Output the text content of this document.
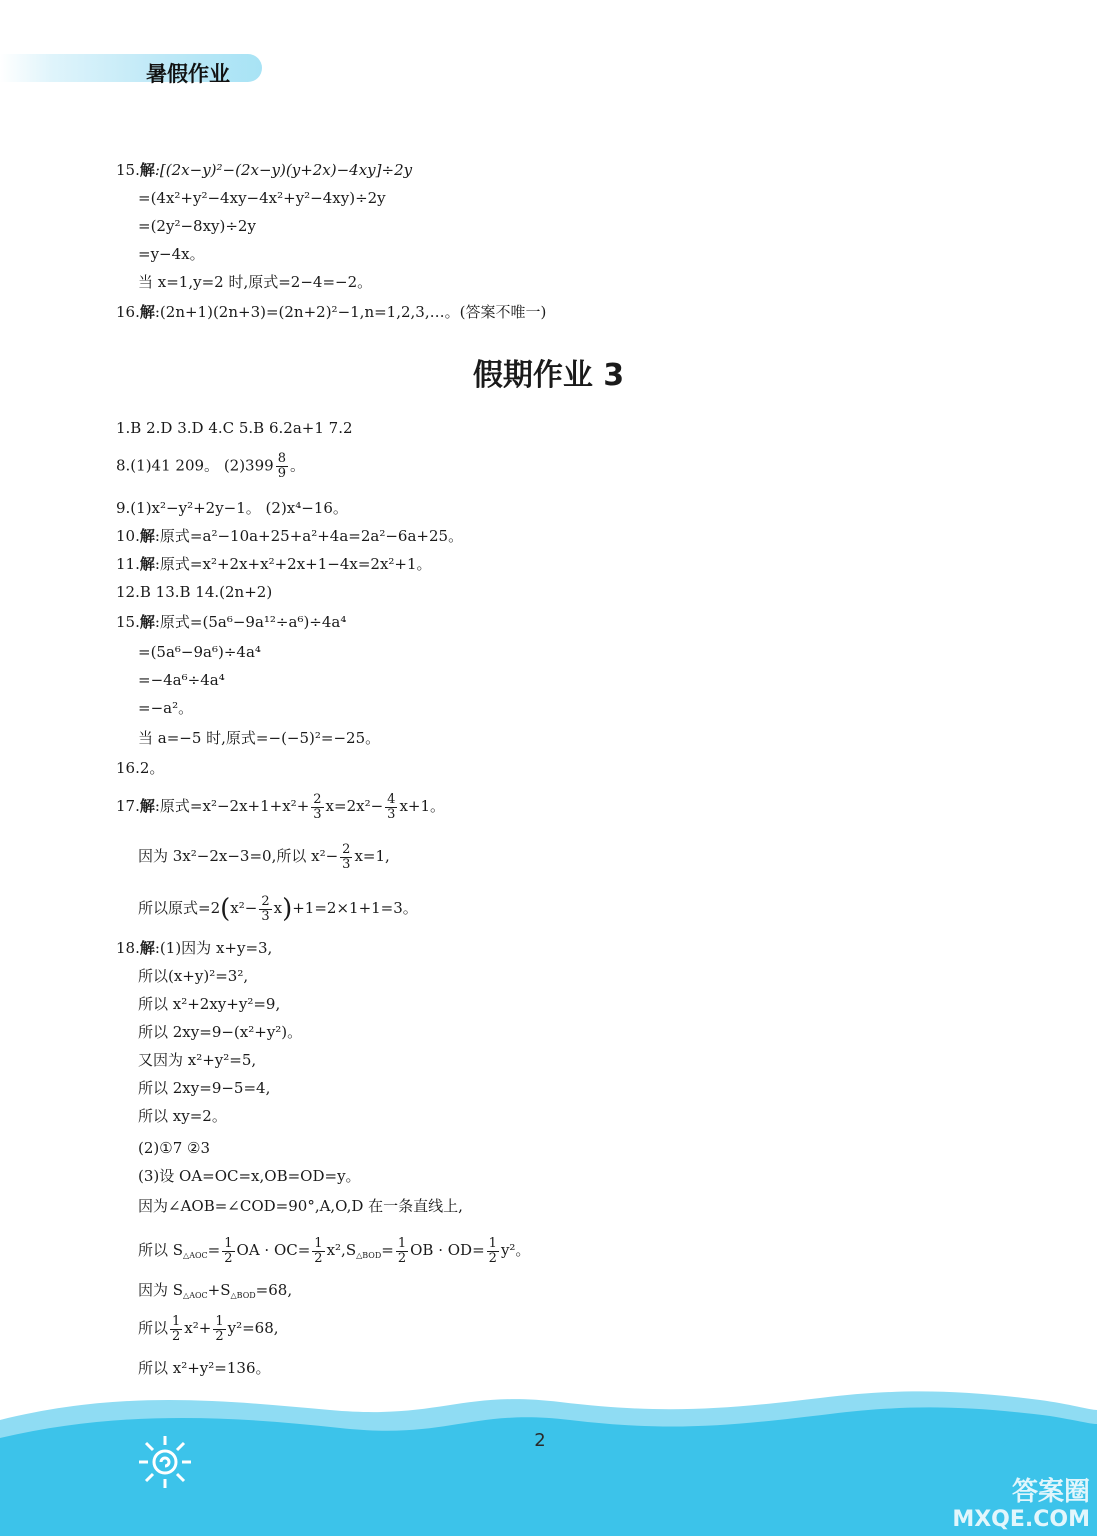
暑假作业
15.解:[(2x−y)²−(2x−y)(y+2x)−4xy]÷2y
=(4x²+y²−4xy−4x²+y²−4xy)÷2y
=(2y²−8xy)÷2y
=y−4x。
当 x=1,y=2 时,原式=2−4=−2。
16.解:(2n+1)(2n+3)=(2n+2)²−1,n=1,2,3,…。(答案不唯一)
假期作业 3
1.B 2.D 3.D 4.C 5.B 6.2a+1 7.2
8.(1)41 209。 $(2)399 \frac{8}{9}$ 。
9.(1)x²−y²+2y−1。 (2)x⁴−16。
10.解:原式=a²−10a+25+a²+4a=2a²−6a+25。
11.解:原式=x²+2x+x²+2x+1−4x=2x²+1。
12.B 13.B 14.(2n+2)
15.解:原式=(5a⁶−9a¹²÷a⁶)÷4a⁴
=(5a⁶−9a⁶)÷4a⁴
=−4a⁶÷4a⁴
=−a²。
当 a=−5 时,原式=−(−5)²=−25。
16.2。
17.解:原式$=x^2-2x+1+x^2+ \frac{2}{3} x=2x^2- \frac{4}{3} x+1$。
因为 3x²−2x−3=0,所以 $x^2- \frac{2}{3} x=1$,
所以原式$=2(x^2- \frac{2}{3} x)+1=2\times 1+1=3$。
18.解:(1)因为 x+y=3,
所以(x+y)²=3²,
所以 x²+2xy+y²=9,
所以 2xy=9−(x²+y²)。
又因为 x²+y²=5,
所以 2xy=9−5=4,
所以 xy=2。
(2)①7 ②3
(3)设 OA=OC=x,OB=OD=y。
因为∠AOB=∠COD=90°,A,O,D 在一条直线上,
所以 $S_{\triangle AOC}= \frac{1}{2}$ OA · $OC= \frac{1}{2} x^2,S_{\triangle BOD}= \frac{1}{2}$ OB · $OD= \frac{1}{2} y^2$。
因为 $S_{\triangle AOC}+S_{\triangle BOD}=68$,
所以 $\frac{1}{2} x^2+ \frac{1}{2} y^2=68$,
所以 x²+y²=136。
2
答案圈
MXQE.COM
